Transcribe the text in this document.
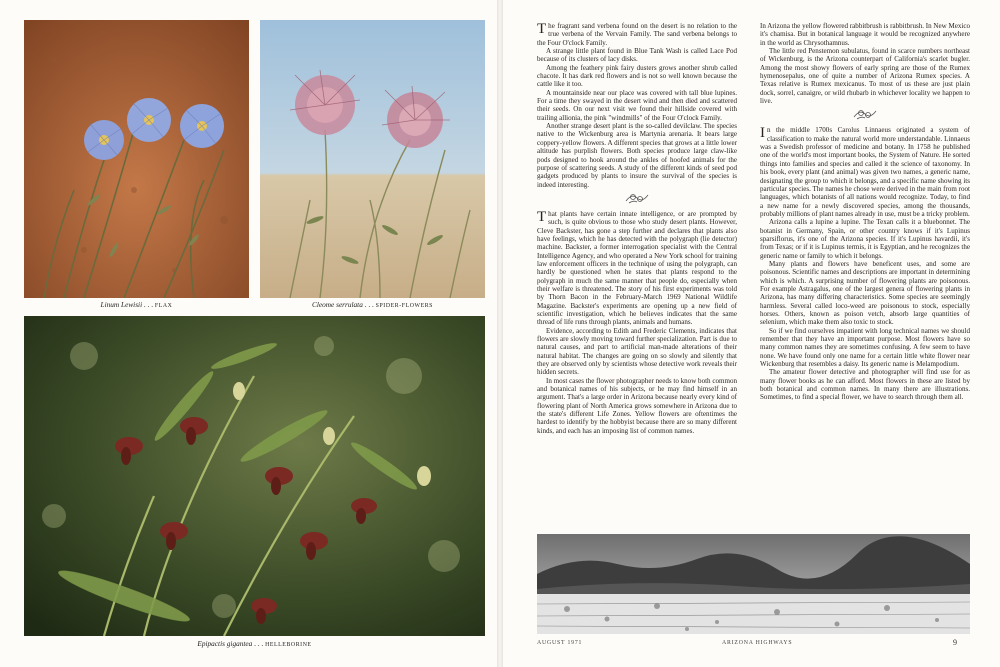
Linum Lewisii . . . FLAX	Cleome serrulata . . . SPIDER-FLOWERS
Epipactis gigantea . . . HELLEBORINE

The fragrant sand verbena found on the desert is no relation to the true verbena of the Vervain Family. The sand verbena belongs to the Four O'clock Family.

A strange little plant found in Blue Tank Wash is called Lace Pod because of its clusters of lacy disks.

Among the feathery pink fairy dusters grows another shrub called chacote. It has dark red flowers and is not so well known because the cattle like it too.

A mountainside near our place was covered with tall blue lupines. For a time they swayed in the desert wind and then died and scattered their seeds. On our next visit we found their hillside covered with trailing allionia, the pink "windmills" of the Four O'clock Family.

Another strange desert plant is the so-called devilclaw. The species native to the Wickenburg area is Martynia arenaria. It bears large coppery-yellow flowers. A different species that grows at a little lower altitude has purplish flowers. Both species produce large claw-like pods designed to hook around the ankles of hoofed animals for the purpose of scattering seeds. A study of the different kinds of seed pod gadgets produced by plants to insure the survival of the species is indeed interesting.

That plants have certain innate intelligence, or are prompted by such, is quite obvious to those who study desert plants. However, Cleve Backster, has gone a step further and declares that plants also have feelings, which he has detected with the polygraph (lie detector) machine. Backster, a former interrogation specialist with the Central Intelligence Agency, and who operated a New York school for training law enforcement officers in the technique of using the polygraph, can hardly be questioned when he states that plants respond to the polygraph in much the same manner that people do, especially when their welfare is threatened. The story of his first experiments was told by Thorn Bacon in the February-March 1969 National Wildlife Magazine. Backster's experiments are opening up a new field of scientific investigation, which he believes indicates that the same thread of life runs through plants, animals and humans.

Evidence, according to Edith and Frederic Clements, indicates that flowers are slowly moving toward further specialization. Part is due to natural causes, and part to artificial man-made alterations of their natural habitat. The changes are going on so slowly and silently that they are observed only by scientists whose detective work reveals their hidden secrets.

In most cases the flower photographer needs to know both common and botanical names of his subjects, or he may find himself in an argument. That's a large order in Arizona because nearly every kind of flowering plant of North America grows somewhere in Arizona due to the state's different Life Zones. Yellow flowers are oftentimes the hardest to identify by the hobbyist because there are so many different kinds, and each has an imposing list of common names.

In Arizona the yellow flowered rabbitbrush is rabbitbrush. In New Mexico it's chamisa. But in botanical language it would be recognized anywhere in the world as Chrysothamnus.

The little red Penstemon subulatus, found in scarce numbers northeast of Wickenburg, is the Arizona counterpart of California's scarlet bugler. Among the most showy flowers of early spring are those of the Rumex hymenosepalus, one of quite a number of Arizona Rumex species. A Texas relative is Rumex mexicanus. To most of us these are just plain dock, sorrel, canaigre, or wild rhubarb in whichever locality we happen to live.

In the middle 1700s Carolus Linnaeus originated a system of classification to make the natural world more understandable. Linnaeus was a Swedish professor of medicine and botany. In 1758 he published one of the world's most important books, the System of Nature. He sorted things into families and species and called it the science of taxonomy. In his book, every plant (and animal) was given two names, a generic name, designating the group to which it belongs, and a specific name showing its particular species. The names he chose were derived in the main from root languages, which botanists of all nations would recognize. Today, to find a new name for a newly discovered species, among the thousands, probably millions of plant names already in use, must be a tricky problem.

Arizona calls a lupine a lupine. The Texan calls it a bluebonnet. The botanist in Germany, Spain, or other country knows if it's Lupinus sparsiflorus, it's one of the Arizona species. If it's Lupinus havardii, it's from Texas; or if it is Lupinus termis, it is Egyptian, and he recognizes the generic name or family to which it belongs.

Many plants and flowers have beneficent uses, and some are poisonous. Scientific names and descriptions are important in determining which is which. A surprising number of flowering plants are poisonous. For example Astragalus, one of the largest genera of flowering plants in Arizona, has many differing characteristics. Some species are seemingly harmless. Several called loco-weed are poisonous to stock, especially horses. Others, known as poison vetch, absorb large quantities of selenium, which make them also toxic to stock.

So if we find ourselves impatient with long technical names we should remember that they have an important purpose. Most flowers have so many common names they are sometimes confusing. A few seem to have none. We have found only one name for a certain little white flower near Wickenburg that resembles a daisy. Its generic name is Melampodium.

The amateur flower detective and photographer will find use for as many flower books as he can afford. Most flowers in these are listed by both botanical and common names. In many there are illustrations. Sometimes, to find a special flower, we have to search through them all.

AUGUST 1971	ARIZONA HIGHWAYS	9
